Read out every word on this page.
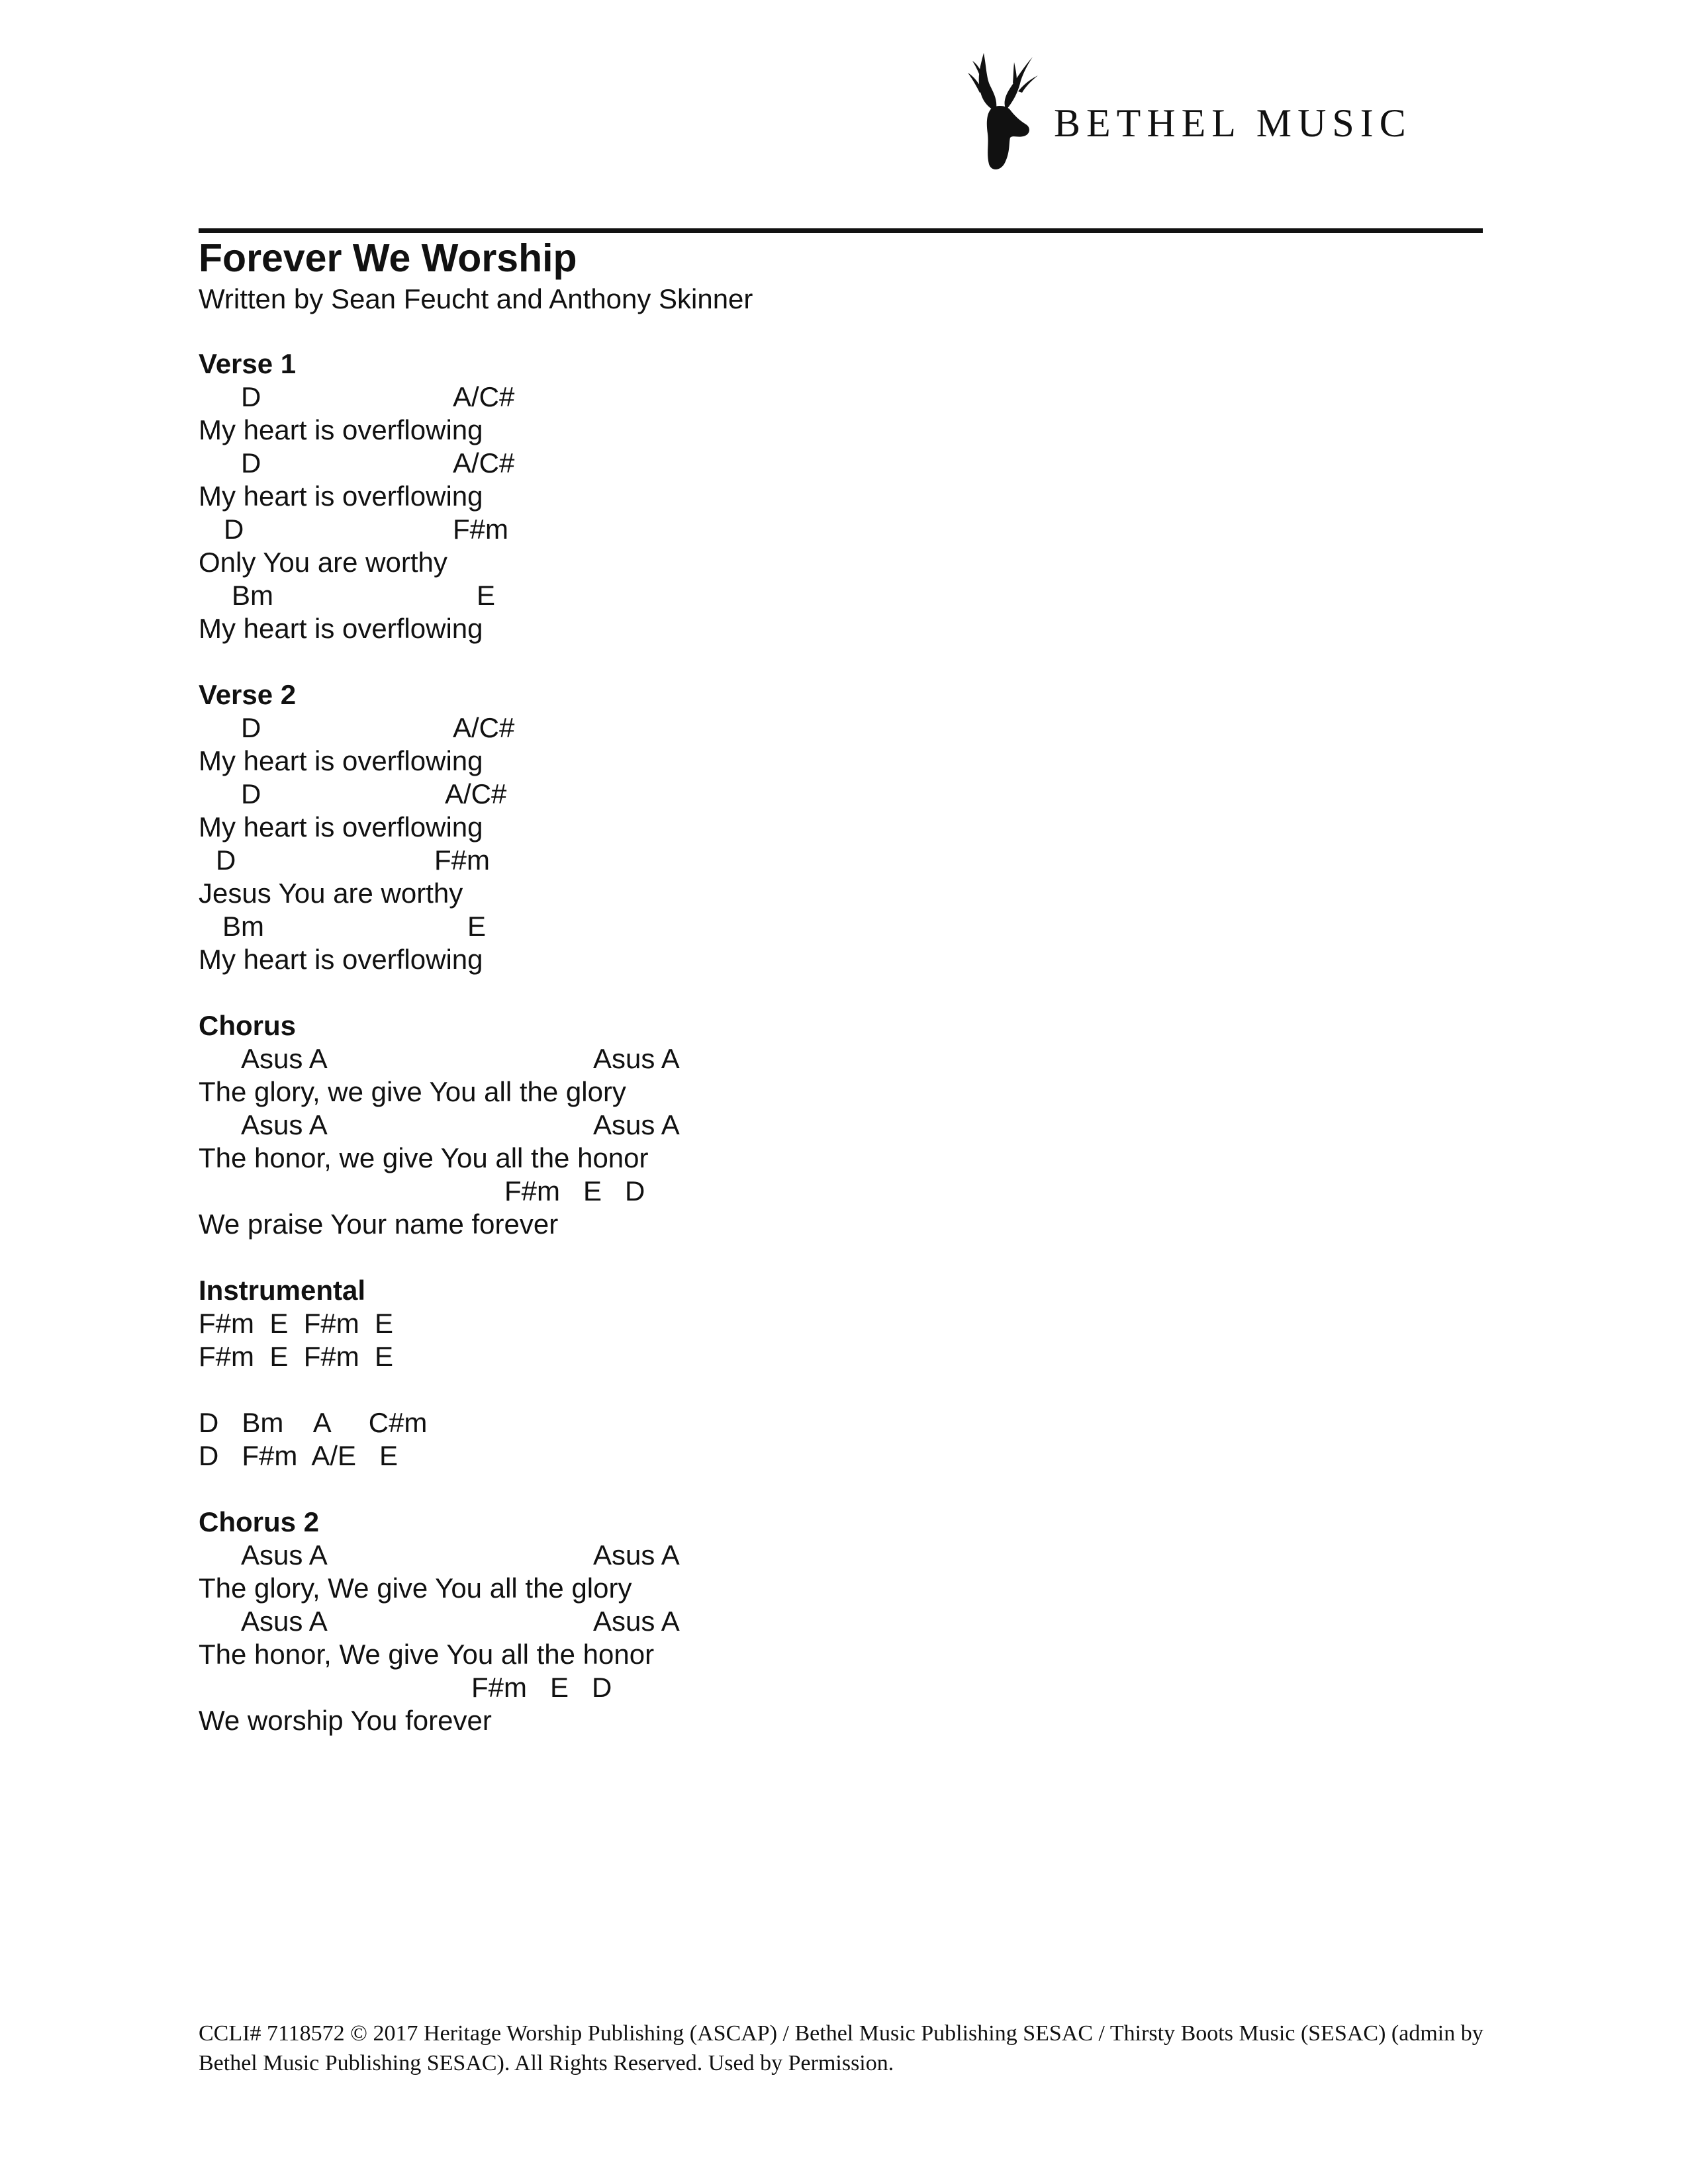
BETHEL MUSIC
Forever We Worship
Written by Sean Feucht and Anthony Skinner
Verse 1
D	A/C#
My heart is overflowing
D	A/C#
My heart is overflowing
D	F#m
Only You are worthy
Bm	E
My heart is overflowing
Verse 2
D	A/C#
My heart is overflowing
D	A/C#
My heart is overflowing
D	F#m
Jesus You are worthy
Bm	E
My heart is overflowing
Chorus
Asus A	Asus A
The glory, we give You all the glory
Asus A	Asus A
The honor, we give You all the honor
F#m   E   D
We praise Your name forever
Instrumental
F#m  E  F#m  E
F#m  E  F#m  E
D   Bm    A     C#m
D   F#m  A/E   E
Chorus 2
Asus A	Asus A
The glory, We give You all the glory
Asus A	Asus A
The honor, We give You all the honor
F#m   E   D
We worship You forever
CCLI# 7118572 © 2017 Heritage Worship Publishing (ASCAP) / Bethel Music Publishing SESAC / Thirsty Boots Music (SESAC) (admin by Bethel Music Publishing SESAC). All Rights Reserved. Used by Permission.
